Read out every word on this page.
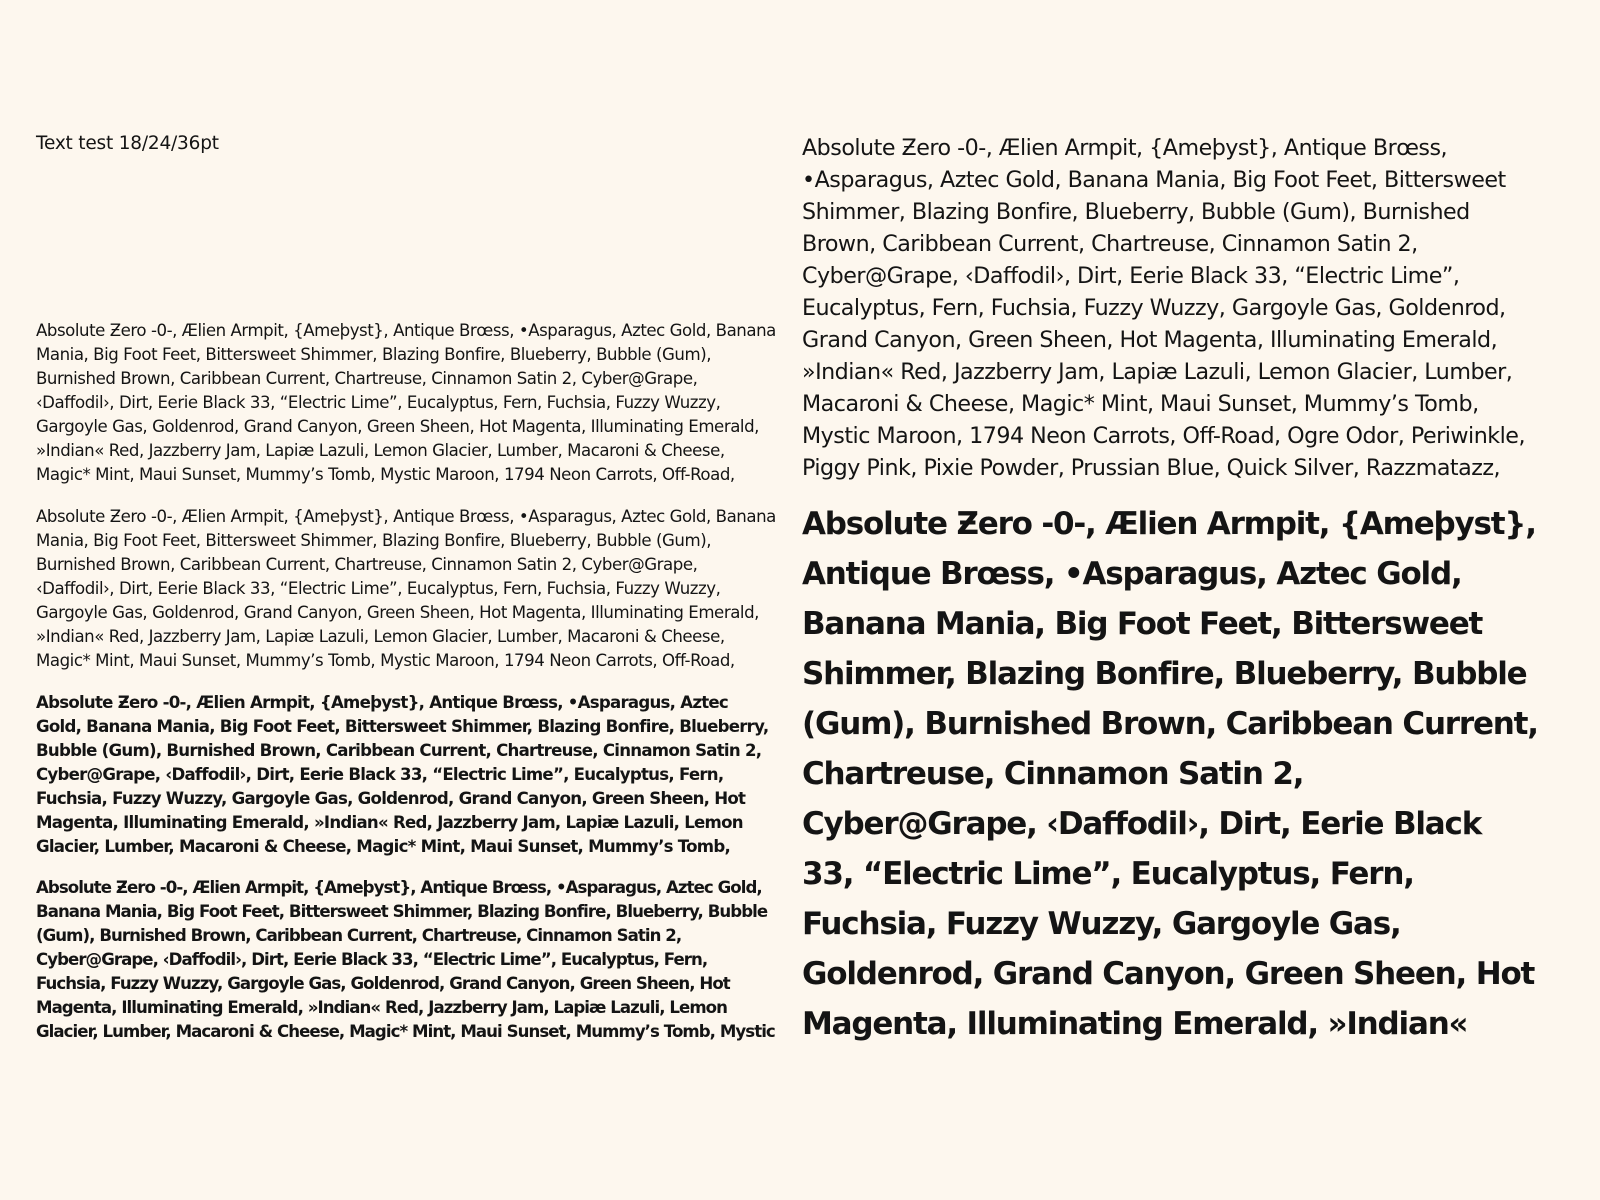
Text test 18/24/36pt

Absolute Ƶero -0-, Ælien Armpit, {Ameþyst}, Antique Brœss, •Asparagus, Aztec Gold, Banana Mania, Big Foot Feet, Bittersweet Shimmer, Blazing Bonfire, Blueberry, Bubble (Gum), Burnished Brown, Caribbean Current, Chartreuse, Cinnamon Satin 2, Cyber@Grape, ‹Daffodil›, Dirt, Eerie Black 33, “Electric Lime”, Eucalyptus, Fern, Fuchsia, Fuzzy Wuzzy, Gargoyle Gas, Goldenrod, Grand Canyon, Green Sheen, Hot Magenta, Illuminating Emerald, »Indian« Red, Jazzberry Jam, Lapiæ Lazuli, Lemon Glacier, Lumber, Macaroni & Cheese, Magic* Mint, Maui Sunset, Mummy’s Tomb, Mystic Maroon, 1794 Neon Carrots, Off-Road,

Absolute Ƶero -0-, Ælien Armpit, {Ameþyst}, Antique Brœss, •Asparagus, Aztec Gold, Banana Mania, Big Foot Feet, Bittersweet Shimmer, Blazing Bonfire, Blueberry, Bubble (Gum), Burnished Brown, Caribbean Current, Chartreuse, Cinnamon Satin 2, Cyber@Grape, ‹Daffodil›, Dirt, Eerie Black 33, “Electric Lime”, Eucalyptus, Fern, Fuchsia, Fuzzy Wuzzy, Gargoyle Gas, Goldenrod, Grand Canyon, Green Sheen, Hot Magenta, Illuminating Emerald, »Indian« Red, Jazzberry Jam, Lapiæ Lazuli, Lemon Glacier, Lumber, Macaroni & Cheese, Magic* Mint, Maui Sunset, Mummy’s Tomb, Mystic Maroon, 1794 Neon Carrots, Off-Road,

Absolute Ƶero -0-, Ælien Armpit, {Ameþyst}, Antique Brœss, •Asparagus, Aztec Gold, Banana Mania, Big Foot Feet, Bittersweet Shimmer, Blazing Bonfire, Blueberry, Bubble (Gum), Burnished Brown, Caribbean Current, Chartreuse, Cinnamon Satin 2, Cyber@Grape, ‹Daffodil›, Dirt, Eerie Black 33, “Electric Lime”, Eucalyptus, Fern, Fuchsia, Fuzzy Wuzzy, Gargoyle Gas, Goldenrod, Grand Canyon, Green Sheen, Hot Magenta, Illuminating Emerald, »Indian« Red, Jazzberry Jam, Lapiæ Lazuli, Lemon Glacier, Lumber, Macaroni & Cheese, Magic* Mint, Maui Sunset, Mummy’s Tomb,

Absolute Ƶero -0-, Ælien Armpit, {Ameþyst}, Antique Brœss, •Asparagus, Aztec Gold, Banana Mania, Big Foot Feet, Bittersweet Shimmer, Blazing Bonfire, Blueberry, Bubble (Gum), Burnished Brown, Caribbean Current, Chartreuse, Cinnamon Satin 2, Cyber@Grape, ‹Daffodil›, Dirt, Eerie Black 33, “Electric Lime”, Eucalyptus, Fern, Fuchsia, Fuzzy Wuzzy, Gargoyle Gas, Goldenrod, Grand Canyon, Green Sheen, Hot Magenta, Illuminating Emerald, »Indian« Red, Jazzberry Jam, Lapiæ Lazuli, Lemon Glacier, Lumber, Macaroni & Cheese, Magic* Mint, Maui Sunset, Mummy’s Tomb, Mystic

Absolute Ƶero -0-, Ælien Armpit, {Ameþyst}, Antique Brœss, •Asparagus, Aztec Gold, Banana Mania, Big Foot Feet, Bittersweet Shimmer, Blazing Bonfire, Blueberry, Bubble (Gum), Burnished Brown, Caribbean Current, Chartreuse, Cinnamon Satin 2, Cyber@Grape, ‹Daffodil›, Dirt, Eerie Black 33, “Electric Lime”, Eucalyptus, Fern, Fuchsia, Fuzzy Wuzzy, Gargoyle Gas, Goldenrod, Grand Canyon, Green Sheen, Hot Magenta, Illuminating Emerald, »Indian« Red, Jazzberry Jam, Lapiæ Lazuli, Lemon Glacier, Lumber, Macaroni & Cheese, Magic* Mint, Maui Sunset, Mummy’s Tomb, Mystic Maroon, 1794 Neon Carrots, Off-Road, Ogre Odor, Periwinkle, Piggy Pink, Pixie Powder, Prussian Blue, Quick Silver, Razzmatazz,

Absolute Ƶero -0-, Ælien Armpit, {Ameþyst}, Antique Brœss, •Asparagus, Aztec Gold, Banana Mania, Big Foot Feet, Bittersweet Shimmer, Blazing Bonfire, Blueberry, Bubble (Gum), Burnished Brown, Caribbean Current, Chartreuse, Cinnamon Satin 2, Cyber@Grape, ‹Daffodil›, Dirt, Eerie Black 33, “Electric Lime”, Eucalyptus, Fern, Fuchsia, Fuzzy Wuzzy, Gargoyle Gas, Goldenrod, Grand Canyon, Green Sheen, Hot Magenta, Illuminating Emerald, »Indian«
